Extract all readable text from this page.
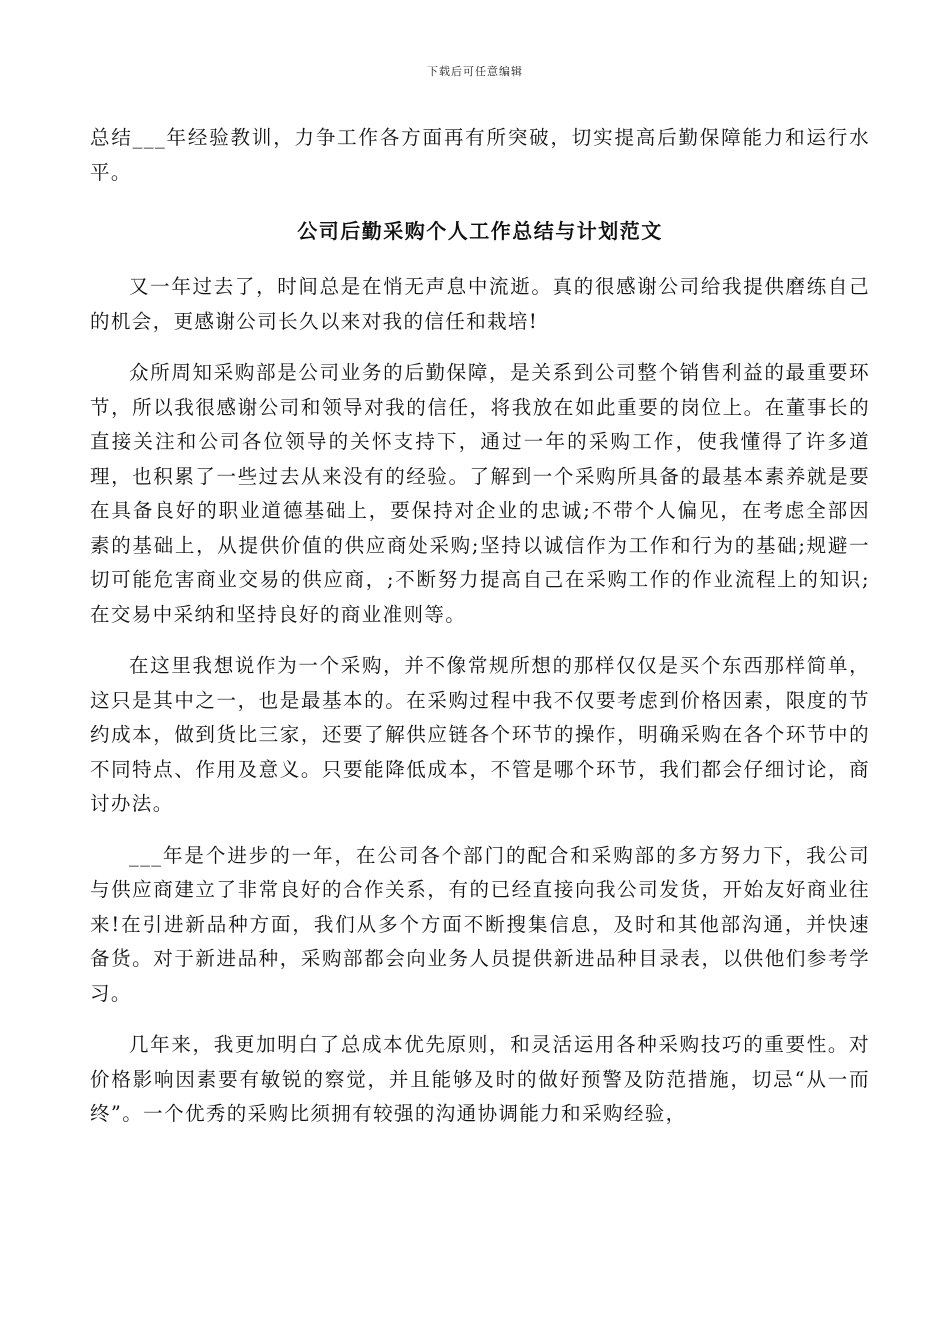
下载后可任意编辑

总结___年经验教训，力争工作各方面再有所突破，切实提高后勤保障能力和运行水平。

公司后勤采购个人工作总结与计划范文

又一年过去了，时间总是在悄无声息中流逝。真的很感谢公司给我提供磨练自己的机会，更感谢公司长久以来对我的信任和栽培!

众所周知采购部是公司业务的后勤保障，是关系到公司整个销售利益的最重要环节，所以我很感谢公司和领导对我的信任，将我放在如此重要的岗位上。在董事长的直接关注和公司各位领导的关怀支持下，通过一年的采购工作，使我懂得了许多道理，也积累了一些过去从来没有的经验。了解到一个采购所具备的最基本素养就是要在具备良好的职业道德基础上，要保持对企业的忠诚;不带个人偏见，在考虑全部因素的基础上，从提供价值的供应商处采购;坚持以诚信作为工作和行为的基础;规避一切可能危害商业交易的供应商，;不断努力提高自己在采购工作的作业流程上的知识;在交易中采纳和坚持良好的商业准则等。

在这里我想说作为一个采购，并不像常规所想的那样仅仅是买个东西那样简单，这只是其中之一，也是最基本的。在采购过程中我不仅要考虑到价格因素，限度的节约成本，做到货比三家，还要了解供应链各个环节的操作，明确采购在各个环节中的不同特点、作用及意义。只要能降低成本，不管是哪个环节，我们都会仔细讨论，商讨办法。

___年是个进步的一年，在公司各个部门的配合和采购部的多方努力下，我公司与供应商建立了非常良好的合作关系，有的已经直接向我公司发货，开始友好商业往来!在引进新品种方面，我们从多个方面不断搜集信息，及时和其他部沟通，并快速备货。对于新进品种，采购部都会向业务人员提供新进品种目录表，以供他们参考学习。

几年来，我更加明白了总成本优先原则，和灵活运用各种采购技巧的重要性。对价格影响因素要有敏锐的察觉，并且能够及时的做好预警及防范措施，切忌“从一而终”。一个优秀的采购比须拥有较强的沟通协调能力和采购经验，
